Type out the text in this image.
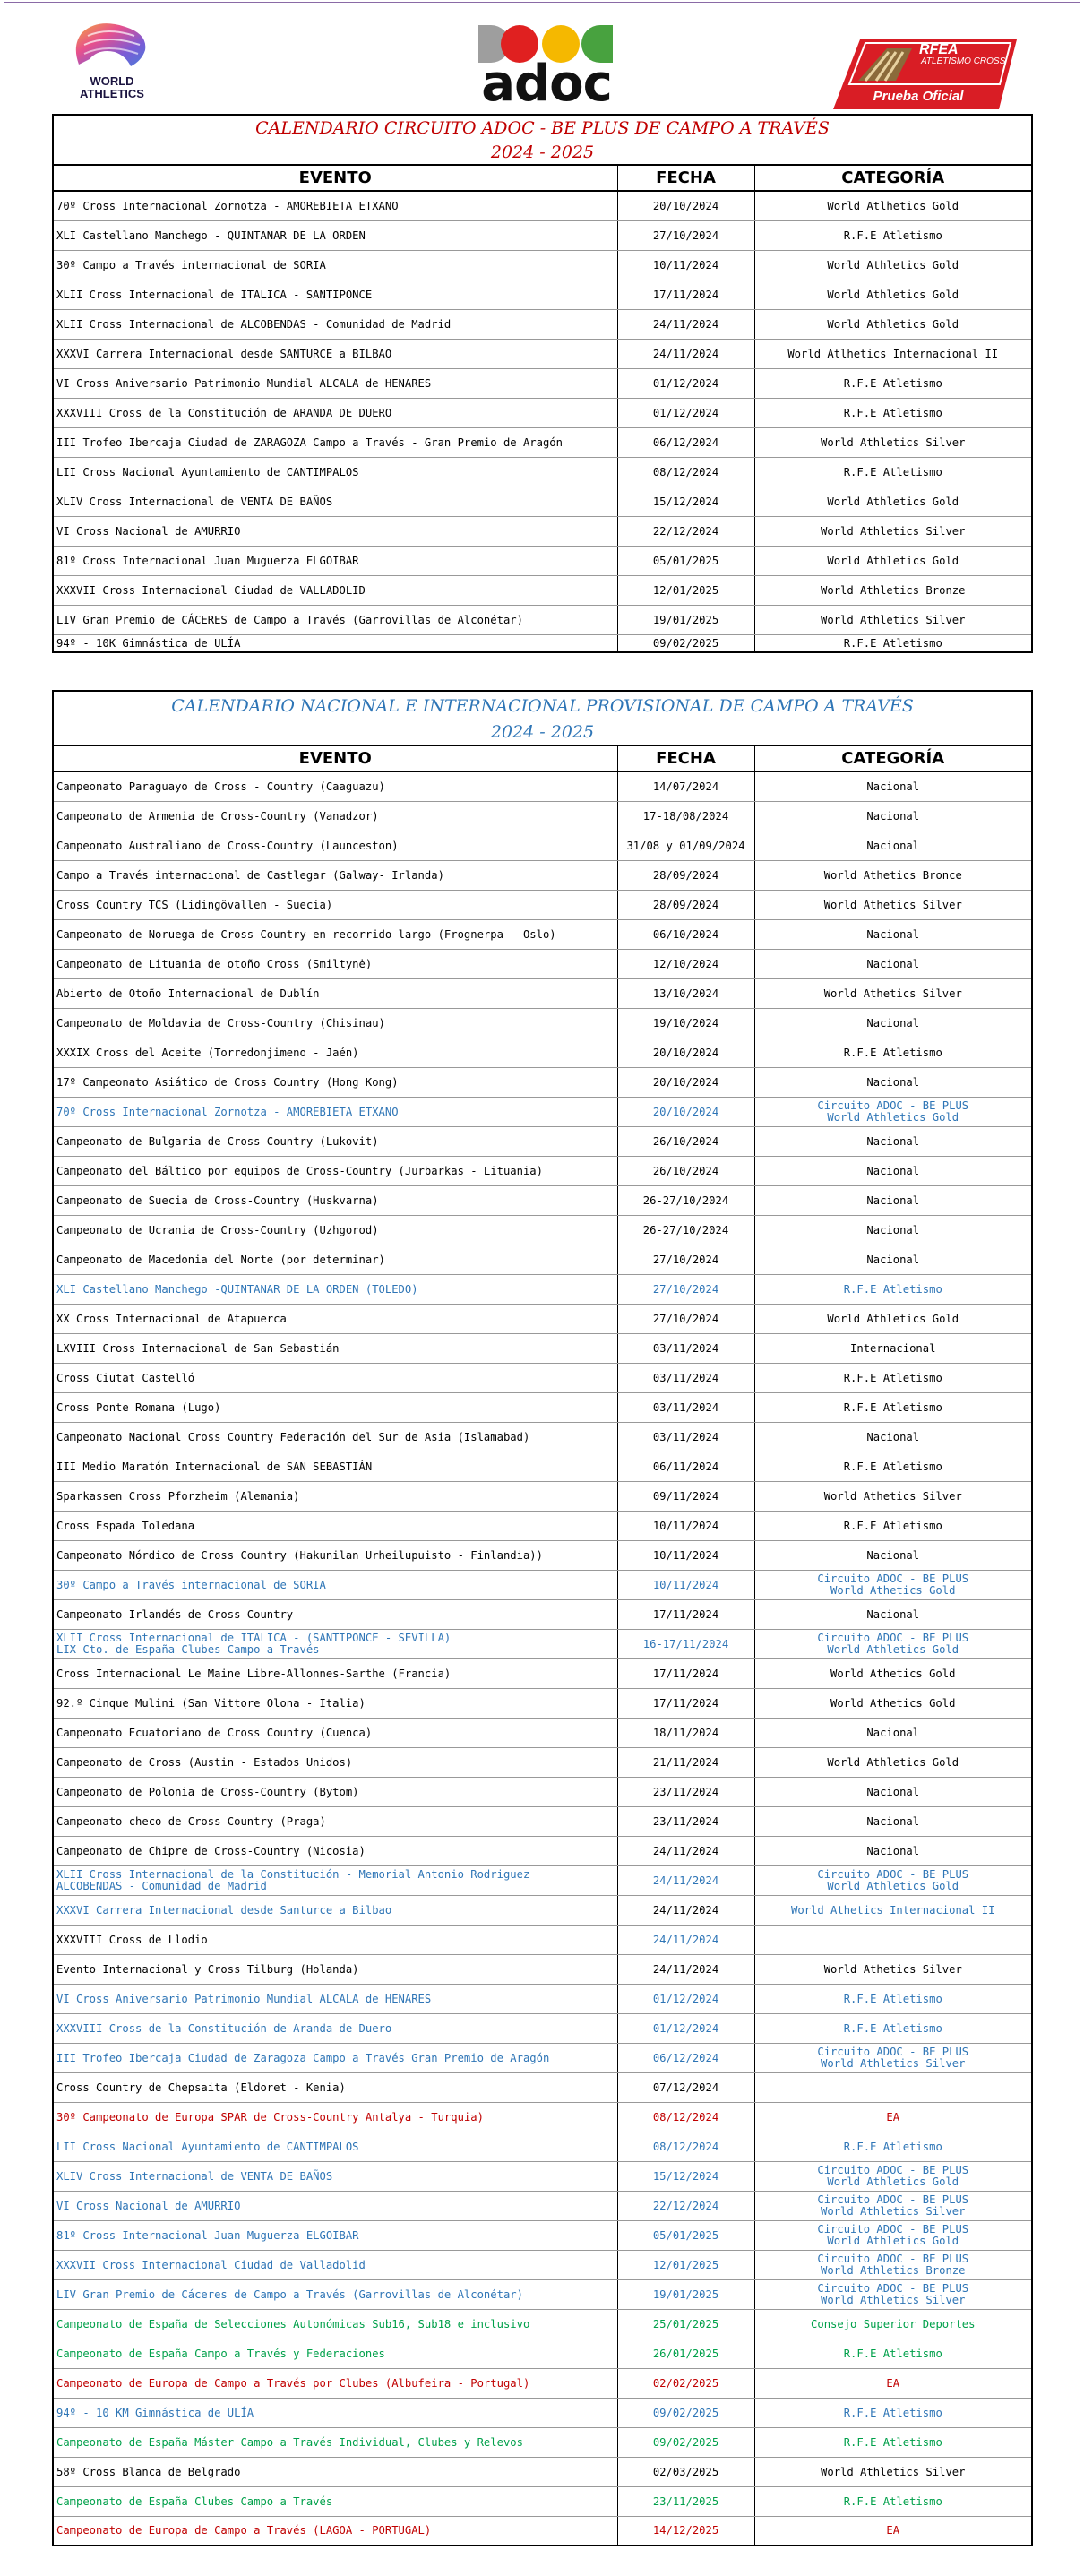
WORLD
ATHLETICS	adoc
RFEA
ATLETISMO CROSS
Prueba Oficial
CALENDARIO CIRCUITO ADOC - BE PLUS DE CAMPO A TRAVÉS		
2024 - 2025		
EVENTO	FECHA	CATEGORÍA
70º Cross Internacional Zornotza - AMOREBIETA ETXANO	20/10/2024	World Atlhetics Gold
XLI Castellano Manchego - QUINTANAR DE LA ORDEN	27/10/2024	R.F.E Atletismo
30º Campo a Través internacional de SORIA	10/11/2024	World Athletics Gold
XLII Cross Internacional de ITALICA - SANTIPONCE	17/11/2024	World Athletics Gold
XLII Cross Internacional de ALCOBENDAS - Comunidad de Madrid	24/11/2024	World Athletics Gold
XXXVI Carrera Internacional desde SANTURCE a BILBAO	24/11/2024	World Atlhetics Internacional II
VI Cross Aniversario Patrimonio Mundial ALCALA de HENARES	01/12/2024	R.F.E Atletismo
XXXVIII Cross de la Constitución de ARANDA DE DUERO	01/12/2024	R.F.E Atletismo
III Trofeo Ibercaja Ciudad de ZARAGOZA Campo a Través - Gran Premio de Aragón	06/12/2024	World Athletics Silver
LII Cross Nacional Ayuntamiento de CANTIMPALOS	08/12/2024	R.F.E Atletismo
XLIV Cross Internacional de VENTA DE BAÑOS	15/12/2024	World Athletics Gold
VI Cross Nacional de AMURRIO	22/12/2024	World Athletics Silver
81º Cross Internacional Juan Muguerza ELGOIBAR	05/01/2025	World Athletics Gold
XXXVII Cross Internacional Ciudad de VALLADOLID	12/01/2025	World Athletics Bronze
LIV Gran Premio de CÁCERES de Campo a Través (Garrovillas de Alconétar)	19/01/2025	World Athletics Silver
94º - 10K Gimnástica de ULÍA	09/02/2025	R.F.E Atletismo
CALENDARIO NACIONAL E INTERNACIONAL PROVISIONAL DE CAMPO A TRAVÉS		
2024 - 2025		
EVENTO	FECHA	CATEGORÍA
Campeonato Paraguayo de Cross - Country (Caaguazu)	14/07/2024	Nacional
Campeonato de Armenia de Cross-Country (Vanadzor)	17-18/08/2024	Nacional
Campeonato Australiano de Cross-Country (Launceston)	31/08 y 01/09/2024	Nacional
Campo a Través internacional de Castlegar (Galway- Irlanda)	28/09/2024	World Athetics Bronce
Cross Country TCS (Lidingövallen - Suecia)	28/09/2024	World Athetics Silver
Campeonato de Noruega de Cross-Country en recorrido largo (Frognerpa - Oslo)	06/10/2024	Nacional
Campeonato de Lituania de otoño Cross (Smiltynė)	12/10/2024	Nacional
Abierto de Otoño Internacional de Dublín	13/10/2024	World Athetics Silver
Campeonato de Moldavia de Cross-Country (Chisinau)	19/10/2024	Nacional
XXXIX Cross del Aceite (Torredonjimeno - Jaén)	20/10/2024	R.F.E Atletismo
17º Campeonato Asiático de Cross Country (Hong Kong)	20/10/2024	Nacional
70º Cross Internacional Zornotza - AMOREBIETA ETXANO	20/10/2024	Circuito ADOC - BE PLUS
World Athletics Gold
Campeonato de Bulgaria de Cross-Country (Lukovit)	26/10/2024	Nacional
Campeonato del Báltico por equipos de Cross-Country (Jurbarkas - Lituania)	26/10/2024	Nacional
Campeonato de Suecia de Cross-Country (Huskvarna)	26-27/10/2024	Nacional
Campeonato de Ucrania de Cross-Country (Uzhgorod)	26-27/10/2024	Nacional
Campeonato de Macedonia del Norte (por determinar)	27/10/2024	Nacional
XLI Castellano Manchego -QUINTANAR DE LA ORDEN (TOLEDO)	27/10/2024	R.F.E Atletismo
XX Cross Internacional de Atapuerca	27/10/2024	World Athletics Gold
LXVIII Cross Internacional de San Sebastián	03/11/2024	Internacional
Cross Ciutat Castelló	03/11/2024	R.F.E Atletismo
Cross Ponte Romana (Lugo)	03/11/2024	R.F.E Atletismo
Campeonato Nacional Cross Country Federación del Sur de Asia (Islamabad)	03/11/2024	Nacional
III Medio Maratón Internacional de SAN SEBASTIÁN	06/11/2024	R.F.E Atletismo
Sparkassen Cross Pforzheim (Alemania)	09/11/2024	World Athetics Silver
Cross Espada Toledana	10/11/2024	R.F.E Atletismo
Campeonato Nórdico de Cross Country (Hakunilan Urheilupuisto - Finlandia))	10/11/2024	Nacional
30º Campo a Través internacional de SORIA	10/11/2024	Circuito ADOC - BE PLUS
World Athetics Gold
Campeonato Irlandés de Cross-Country	17/11/2024	Nacional
XLII Cross Internacional de ITALICA - (SANTIPONCE - SEVILLA)
LIX Cto. de España Clubes Campo a Través	16-17/11/2024	Circuito ADOC - BE PLUS
World Athletics Gold
Cross Internacional Le Maine Libre-Allonnes-Sarthe (Francia)	17/11/2024	World Athetics Gold
92.º Cinque Mulini (San Vittore Olona - Italia)	17/11/2024	World Athetics Gold
Campeonato Ecuatoriano de Cross Country (Cuenca)	18/11/2024	Nacional
Campeonato de Cross (Austin - Estados Unidos)	21/11/2024	World Athletics Gold
Campeonato de Polonia de Cross-Country (Bytom)	23/11/2024	Nacional
Campeonato checo de Cross-Country (Praga)	23/11/2024	Nacional
Campeonato de Chipre de Cross-Country (Nicosia)	24/11/2024	Nacional
XLII Cross Internacional de la Constitución - Memorial Antonio Rodriguez
ALCOBENDAS - Comunidad de Madrid	24/11/2024	Circuito ADOC - BE PLUS
World Athletics Gold
XXXVI Carrera Internacional desde Santurce a Bilbao	24/11/2024	World Athetics Internacional II
XXXVIII Cross de Llodio	24/11/2024	
Evento Internacional y Cross Tilburg (Holanda)	24/11/2024	World Athetics Silver
VI Cross Aniversario Patrimonio Mundial ALCALA de HENARES	01/12/2024	R.F.E Atletismo
XXXVIII Cross de la Constitución de Aranda de Duero	01/12/2024	R.F.E Atletismo
III Trofeo Ibercaja Ciudad de Zaragoza Campo a Través Gran Premio de Aragón	06/12/2024	Circuito ADOC - BE PLUS
World Athletics Silver
Cross Country de Chepsaita (Eldoret - Kenia)	07/12/2024	
30º Campeonato de Europa SPAR de Cross-Country Antalya - Turquia)	08/12/2024	EA
LII Cross Nacional Ayuntamiento de CANTIMPALOS	08/12/2024	R.F.E Atletismo
XLIV Cross Internacional de VENTA DE BAÑOS	15/12/2024	Circuito ADOC - BE PLUS
World Athletics Gold
VI Cross Nacional de AMURRIO	22/12/2024	Circuito ADOC - BE PLUS
World Athletics Silver
81º Cross Internacional Juan Muguerza ELGOIBAR	05/01/2025	Circuito ADOC - BE PLUS
World Athletics Gold
XXXVII Cross Internacional Ciudad de Valladolid	12/01/2025	Circuito ADOC - BE PLUS
World Athletics Bronze
LIV Gran Premio de Cáceres de Campo a Través (Garrovillas de Alconétar)	19/01/2025	Circuito ADOC - BE PLUS
World Athletics Silver
Campeonato de España de Selecciones Autonómicas Sub16, Sub18 e inclusivo	25/01/2025	Consejo Superior Deportes
Campeonato de España Campo a Través y Federaciones	26/01/2025	R.F.E Atletismo
Campeonato de Europa de Campo a Través por Clubes (Albufeira - Portugal)	02/02/2025	EA
94º - 10 KM Gimnástica de ULÍA	09/02/2025	R.F.E Atletismo
Campeonato de España Máster Campo a Través Individual, Clubes y Relevos	09/02/2025	R.F.E Atletismo
58º Cross Blanca de Belgrado	02/03/2025	World Athletics Silver
Campeonato de España Clubes Campo a Través	23/11/2025	R.F.E Atletismo
Campeonato de Europa de Campo a Través (LAGOA - PORTUGAL)	14/12/2025	EA
